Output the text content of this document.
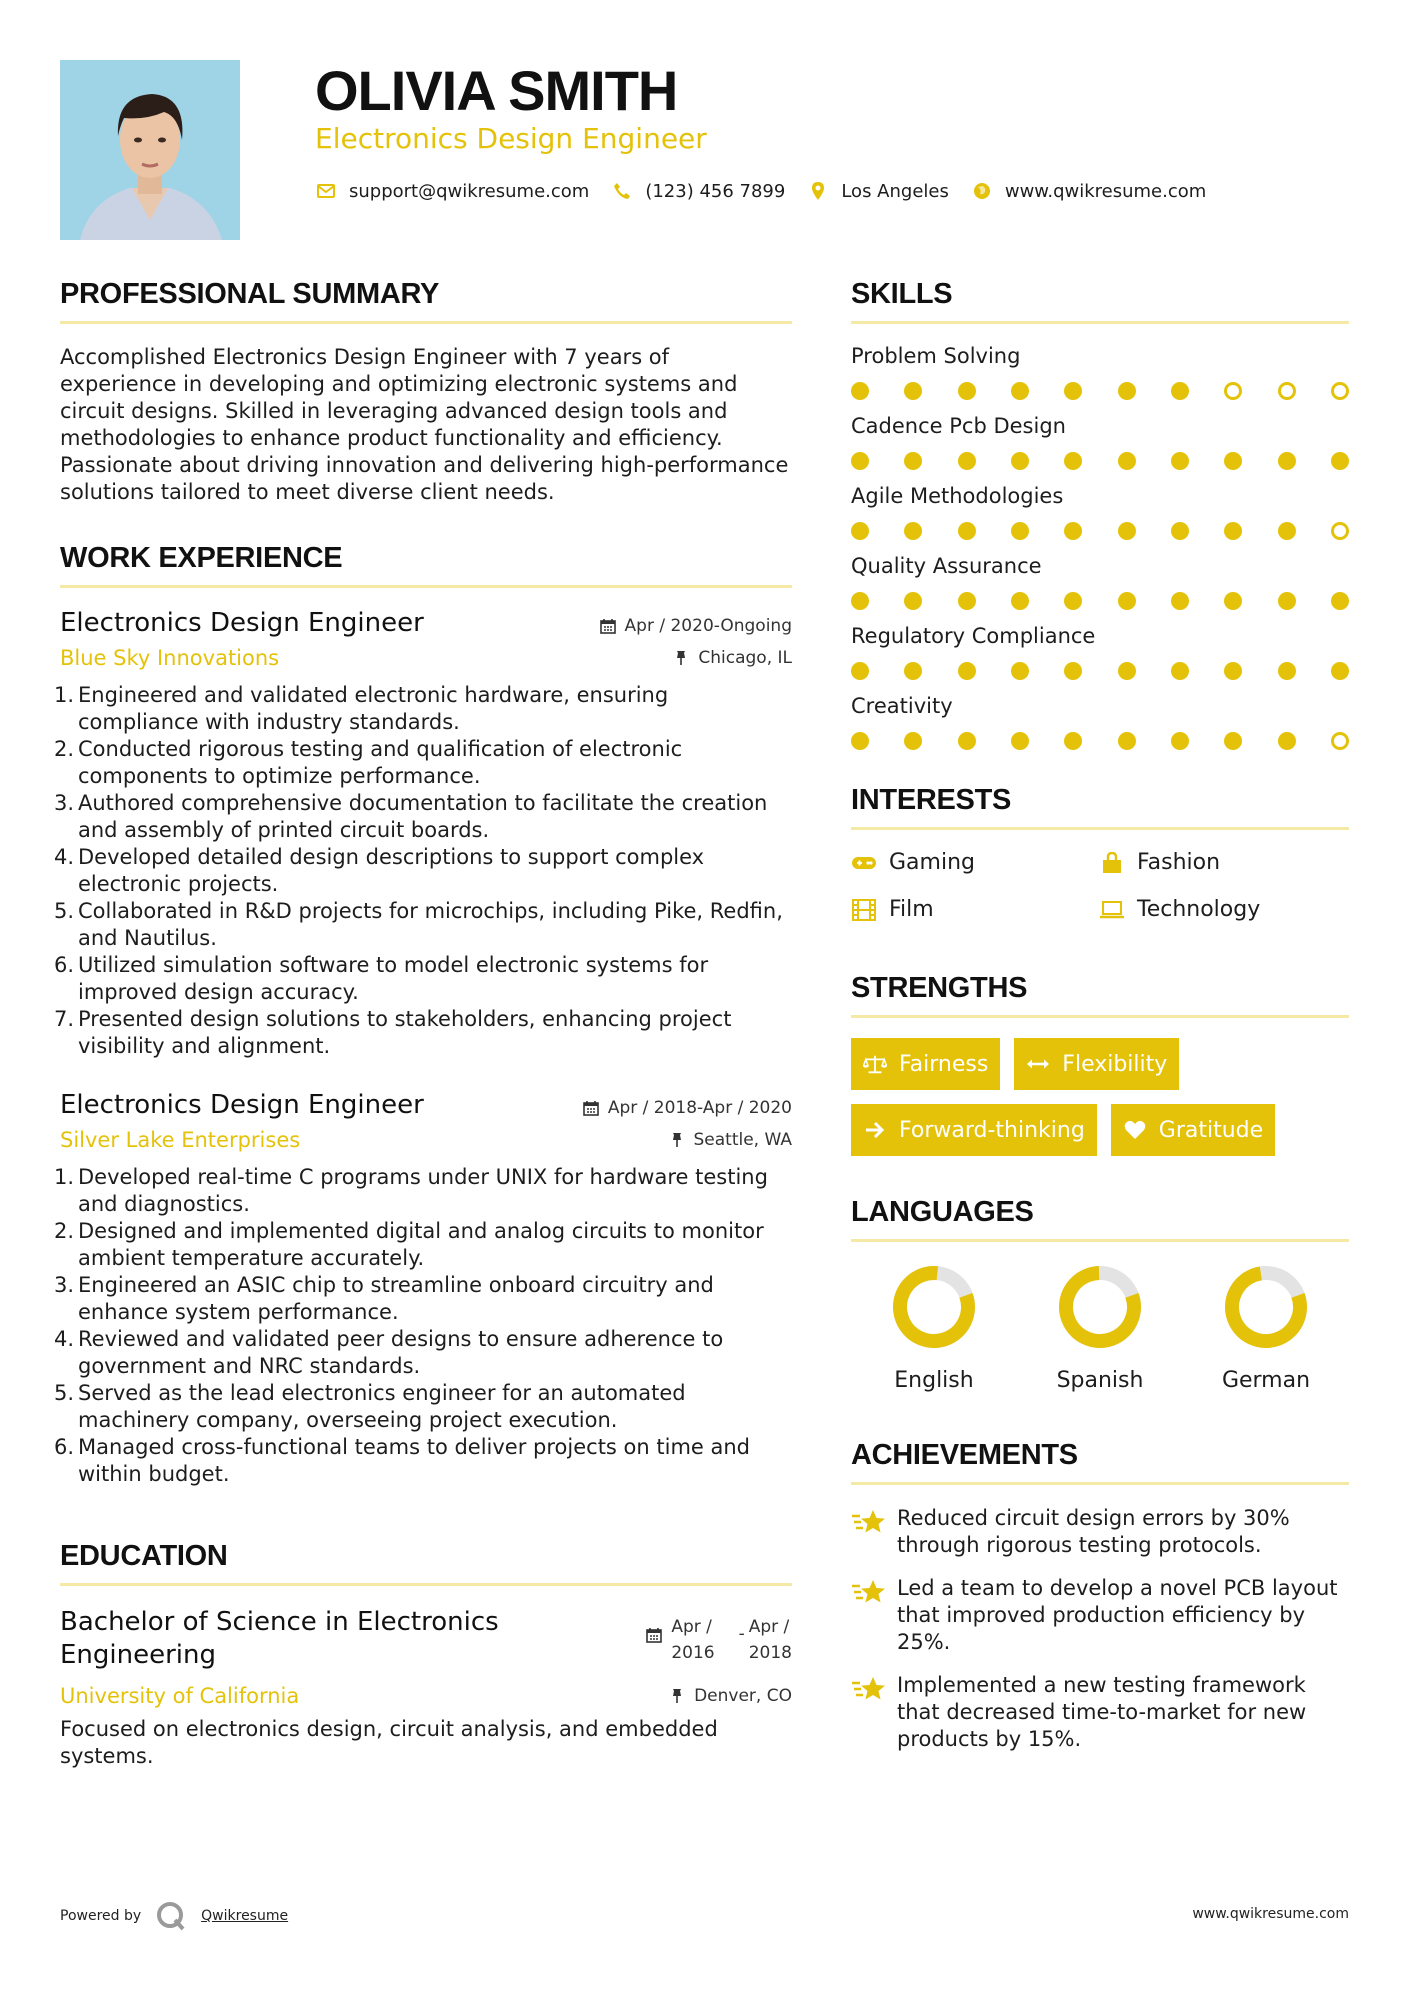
OLIVIA SMITH
Electronics Design Engineer
support@qwikresume.com	(123) 456 7899	Los Angeles	www.qwikresume.com
PROFESSIONAL SUMMARY
Accomplished Electronics Design Engineer with 7 years of experience in developing and optimizing electronic systems and circuit designs. Skilled in leveraging advanced design tools and methodologies to enhance product functionality and efficiency. Passionate about driving innovation and delivering high-performance solutions tailored to meet diverse client needs.
WORK EXPERIENCE
Electronics Design Engineer	Apr / 2020-Ongoing
Blue Sky Innovations	Chicago, IL
1. Engineered and validated electronic hardware, ensuring compliance with industry standards.
2. Conducted rigorous testing and qualification of electronic components to optimize performance.
3. Authored comprehensive documentation to facilitate the creation and assembly of printed circuit boards.
4. Developed detailed design descriptions to support complex electronic projects.
5. Collaborated in R&D projects for microchips, including Pike, Redfin, and Nautilus.
6. Utilized simulation software to model electronic systems for improved design accuracy.
7. Presented design solutions to stakeholders, enhancing project visibility and alignment.
Electronics Design Engineer	Apr / 2018-Apr / 2020
Silver Lake Enterprises	Seattle, WA
1. Developed real-time C programs under UNIX for hardware testing and diagnostics.
2. Designed and implemented digital and analog circuits to monitor ambient temperature accurately.
3. Engineered an ASIC chip to streamline onboard circuitry and enhance system performance.
4. Reviewed and validated peer designs to ensure adherence to government and NRC standards.
5. Served as the lead electronics engineer for an automated machinery company, overseeing project execution.
6. Managed cross-functional teams to deliver projects on time and within budget.
EDUCATION
Bachelor of Science in Electronics Engineering
Apr /
2016
- Apr /
2018
University of California	Denver, CO
Focused on electronics design, circuit analysis, and embedded systems.
SKILLS
Problem Solving
Cadence Pcb Design
Agile Methodologies
Quality Assurance
Regulatory Compliance
Creativity
INTERESTS
Gaming	Fashion
Film	Technology
STRENGTHS
Fairness	Flexibility
Forward-thinking	Gratitude
LANGUAGES
English	Spanish	German
ACHIEVEMENTS
Reduced circuit design errors by 30% through rigorous testing protocols.
Led a team to develop a novel PCB layout that improved production efficiency by 25%.
Implemented a new testing framework that decreased time-to-market for new products by 15%.
Powered by	Qwikresume	www.qwikresume.com
